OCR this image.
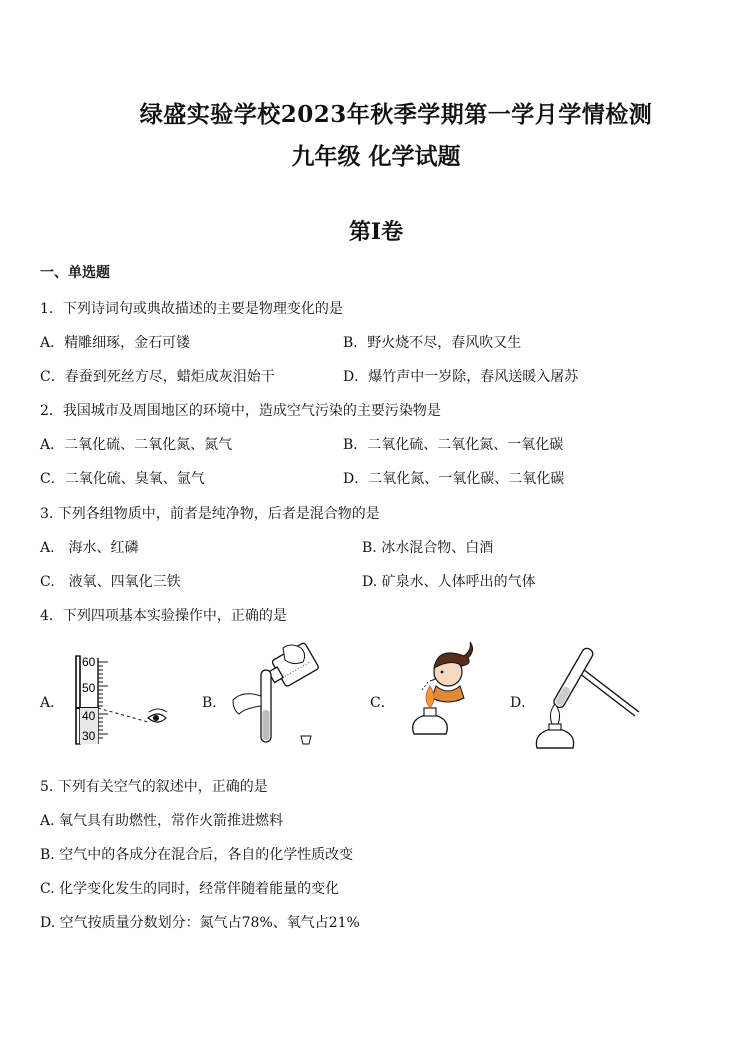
绿盛实验学校2023年秋季学期第一学月学情检测
九年级 化学试题
第Ⅰ卷
一、单选题
1．下列诗词句或典故描述的主要是物理变化的是
A．精雕细琢，金石可镂	B．野火烧不尽，春风吹又生
C．春蚕到死丝方尽，蜡炬成灰泪始干	D．爆竹声中一岁除，春风送暖入屠苏
2．我国城市及周围地区的环境中，造成空气污染的主要污染物是
A．二氧化硫、二氧化氮、氮气	B．二氧化硫、二氧化氮、一氧化碳
C．二氧化硫、臭氧、氩气	D．二氧化氮、一氧化碳、二氧化碳
3. 下列各组物质中，前者是纯净物，后者是混合物的是
A.　海水、红磷	B. 冰水混合物、白酒
C.　液氧、四氧化三铁	D. 矿泉水、人体呼出的气体
4．下列四项基本实验操作中，正确的是
A．	B．	C．	D．
60
50
40
30
5. 下列有关空气的叙述中，正确的是
A. 氧气具有助燃性，常作火箭推进燃料
B. 空气中的各成分在混合后，各自的化学性质改变
C. 化学变化发生的同时，经常伴随着能量的变化
D. 空气按质量分数划分：氮气占78%、氧气占21%
